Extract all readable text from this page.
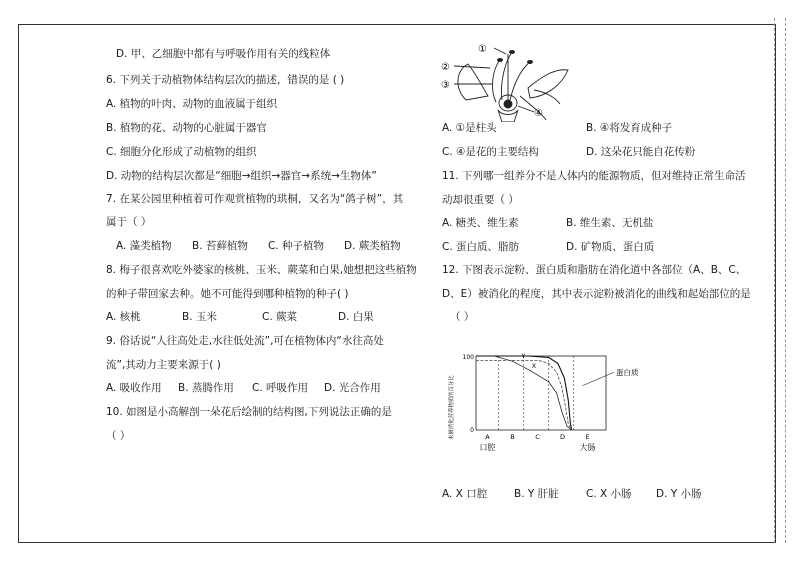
D. 甲、乙细胞中都有与呼吸作用有关的线粒体
6. 下列关于动植物体结构层次的描述，错误的是 ( )
A. 植物的叶肉、动物的血液属于组织
B. 植物的花、动物的心脏属于器官
C. 细胞分化形成了动植物的组织
D. 动物的结构层次都是“细胞→组织→器官→系统→生物体”
7. 在某公园里种植着可作观赏植物的珙桐，又名为“鸽子树”，其
属于（ ）
A. 藻类植物 B. 苔藓植物 C. 种子植物 D. 蕨类植物
8. 梅子很喜欢吃外婆家的核桃、玉米、蕨菜和白果,她想把这些植物
的种子带回家去种。她不可能得到哪种植物的种子( )
A. 核桃	B. 玉米	C. 蕨菜	D. 白果
9. 俗话说“人往高处走,水往低处流”,可在植物体内“水往高处
流”,其动力主要来源于( )
A. 吸收作用 B. 蒸腾作用 C. 呼吸作用 D. 光合作用
10. 如图是小高解剖一朵花后绘制的结构图,下列说法正确的是
（ ）
①
②
③
④
A. ①是柱头	B. ④将发育成种子
C. ④是花的主要结构	D. 这朵花只能自花传粉
11. 下列哪一组养分不是人体内的能源物质，但对维持正常生命活
动却很重要（ ）
A. 糖类、维生素	B. 维生素、无机盐
C. 蛋白质、脂肪	D. 矿物质、蛋白质
12. 下图表示淀粉、蛋白质和脂肪在消化道中各部位（A、B、C、
D、E）被消化的程度，其中表示淀粉被消化的曲线和起始部位的是
（ ）
未被消化营养物质的百分比
X
Y
蛋白质
100
0
A	B	C	D	E
口腔	大肠
A. X 口腔	B. Y 肝脏	C. X 小肠 D. Y 小肠
